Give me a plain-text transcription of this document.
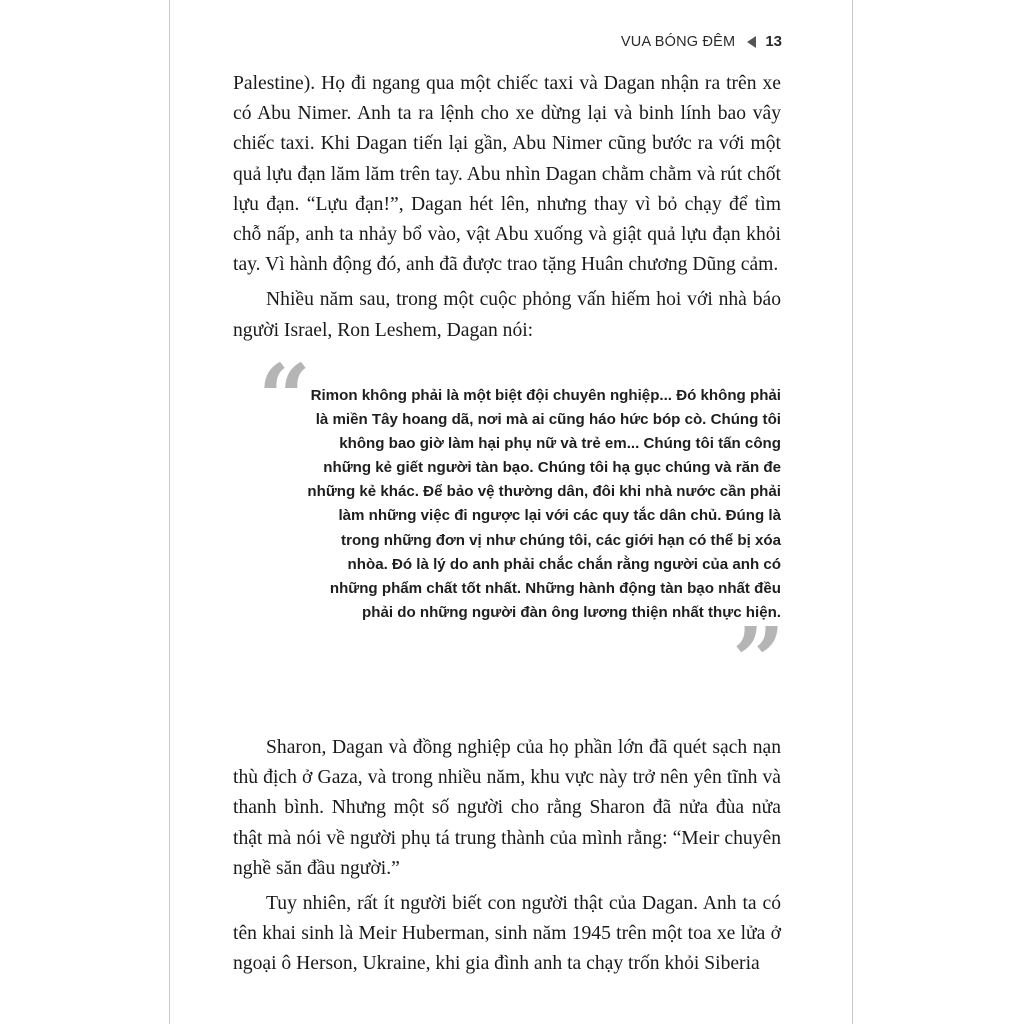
VUA BÓNG ĐÊM 13

Palestine). Họ đi ngang qua một chiếc taxi và Dagan nhận ra trên xe có Abu Nimer. Anh ta ra lệnh cho xe dừng lại và binh lính bao vây chiếc taxi. Khi Dagan tiến lại gần, Abu Nimer cũng bước ra với một quả lựu đạn lăm lăm trên tay. Abu nhìn Dagan chằm chằm và rút chốt lựu đạn. “Lựu đạn!”, Dagan hét lên, nhưng thay vì bỏ chạy để tìm chỗ nấp, anh ta nhảy bổ vào, vật Abu xuống và giật quả lựu đạn khỏi tay. Vì hành động đó, anh đã được trao tặng Huân chương Dũng cảm.

Nhiều năm sau, trong một cuộc phỏng vấn hiếm hoi với nhà báo người Israel, Ron Leshem, Dagan nói:

“ Rimon không phải là một biệt đội chuyên nghiệp... Đó không phải là miền Tây hoang dã, nơi mà ai cũng háo hức bóp cò. Chúng tôi không bao giờ làm hại phụ nữ và trẻ em... Chúng tôi tấn công những kẻ giết người tàn bạo. Chúng tôi hạ gục chúng và răn đe những kẻ khác. Để bảo vệ thường dân, đôi khi nhà nước cần phải làm những việc đi ngược lại với các quy tắc dân chủ. Đúng là trong những đơn vị như chúng tôi, các giới hạn có thể bị xóa nhòa. Đó là lý do anh phải chắc chắn rằng người của anh có những phẩm chất tốt nhất. Những hành động tàn bạo nhất đều phải do những người đàn ông lương thiện nhất thực hiện.

”

Sharon, Dagan và đồng nghiệp của họ phần lớn đã quét sạch nạn thù địch ở Gaza, và trong nhiều năm, khu vực này trở nên yên tĩnh và thanh bình. Nhưng một số người cho rằng Sharon đã nửa đùa nửa thật mà nói về người phụ tá trung thành của mình rằng: “Meir chuyên nghề săn đầu người.”

Tuy nhiên, rất ít người biết con người thật của Dagan. Anh ta có tên khai sinh là Meir Huberman, sinh năm 1945 trên một toa xe lửa ở ngoại ô Herson, Ukraine, khi gia đình anh ta chạy trốn khỏi Siberia
